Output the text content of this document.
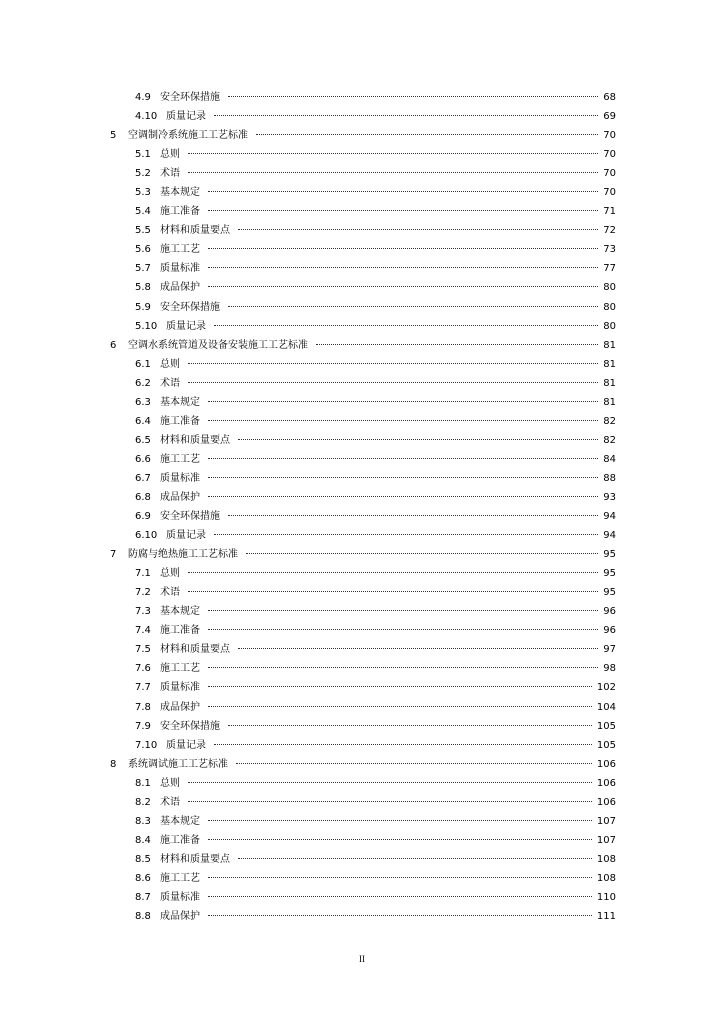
4.9 安全环保措施	68
4.10 质量记录	69
5 空调制冷系统施工工艺标准	70
5.1 总则	70
5.2 术语	70
5.3 基本规定	70
5.4 施工准备	71
5.5 材料和质量要点	72
5.6 施工工艺	73
5.7 质量标准	77
5.8 成品保护	80
5.9 安全环保措施	80
5.10 质量记录	80
6 空调水系统管道及设备安装施工工艺标准	81
6.1 总则	81
6.2 术语	81
6.3 基本规定	81
6.4 施工准备	82
6.5 材料和质量要点	82
6.6 施工工艺	84
6.7 质量标准	88
6.8 成品保护	93
6.9 安全环保措施	94
6.10 质量记录	94
7 防腐与绝热施工工艺标准	95
7.1 总则	95
7.2 术语	95
7.3 基本规定	96
7.4 施工准备	96
7.5 材料和质量要点	97
7.6 施工工艺	98
7.7 质量标准	102
7.8 成品保护	104
7.9 安全环保措施	105
7.10 质量记录	105
8 系统调试施工工艺标准	106
8.1 总则	106
8.2 术语	106
8.3 基本规定	107
8.4 施工准备	107
8.5 材料和质量要点	108
8.6 施工工艺	108
8.7 质量标准	110
8.8 成品保护	111
II
